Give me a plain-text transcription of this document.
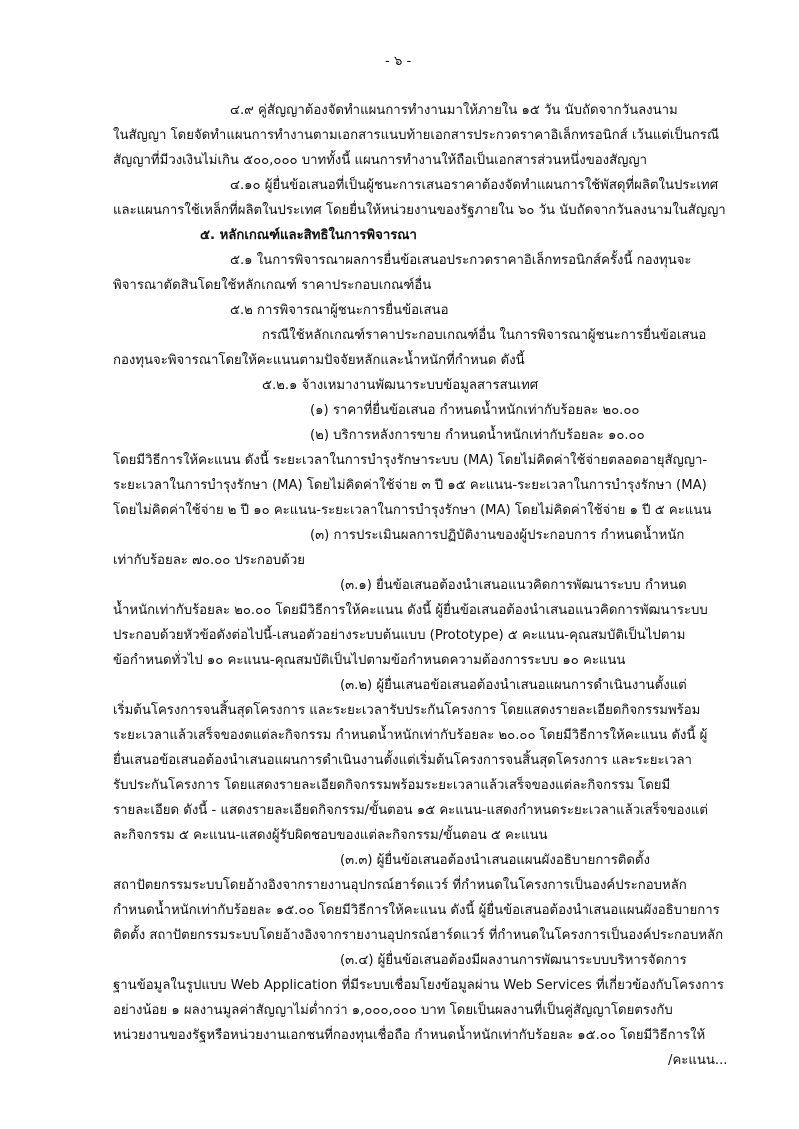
- ๖ -
๔.๙ คู่สัญญาต้องจัดทำแผนการทำงานมาให้ภายใน ๑๕ วัน นับถัดจากวันลงนาม
ในสัญญา โดยจัดทำแผนการทำงานตามเอกสารแนบท้ายเอกสารประกวดราคาอิเล็กทรอนิกส์ เว้นแต่เป็นกรณี
สัญญาที่มีวงเงินไม่เกิน ๕๐๐,๐๐๐ บาททั้งนี้ แผนการทำงานให้ถือเป็นเอกสารส่วนหนึ่งของสัญญา
๔.๑๐ ผู้ยื่นข้อเสนอที่เป็นผู้ชนะการเสนอราคาต้องจัดทำแผนการใช้พัสดุที่ผลิตในประเทศ
และแผนการใช้เหล็กที่ผลิตในประเทศ โดยยื่นให้หน่วยงานของรัฐภายใน ๖๐ วัน นับถัดจากวันลงนามในสัญญา
๕. หลักเกณฑ์และสิทธิในการพิจารณา
๕.๑ ในการพิจารณาผลการยื่นข้อเสนอประกวดราคาอิเล็กทรอนิกส์ครั้งนี้ กองทุนจะ
พิจารณาตัดสินโดยใช้หลักเกณฑ์ ราคาประกอบเกณฑ์อื่น
๕.๒ การพิจารณาผู้ชนะการยื่นข้อเสนอ
กรณีใช้หลักเกณฑ์ราคาประกอบเกณฑ์อื่น ในการพิจารณาผู้ชนะการยื่นข้อเสนอ
กองทุนจะพิจารณาโดยให้คะแนนตามปัจจัยหลักและน้ำหนักที่กำหนด ดังนี้
๕.๒.๑ จ้างเหมางานพัฒนาระบบข้อมูลสารสนเทศ
(๑) ราคาที่ยื่นข้อเสนอ กำหนดน้ำหนักเท่ากับร้อยละ ๒๐.๐๐
(๒) บริการหลังการขาย กำหนดน้ำหนักเท่ากับร้อยละ ๑๐.๐๐
โดยมีวิธีการให้คะแนน ดังนี้ ระยะเวลาในการบำรุงรักษาระบบ (MA) โดยไม่คิดค่าใช้จ่ายตลอดอายุสัญญา-
ระยะเวลาในการบำรุงรักษา (MA) โดยไม่คิดค่าใช้จ่าย ๓ ปี ๑๕ คะแนน-ระยะเวลาในการบำรุงรักษา (MA)
โดยไม่คิดค่าใช้จ่าย ๒ ปี ๑๐ คะแนน-ระยะเวลาในการบำรุงรักษา (MA) โดยไม่คิดค่าใช้จ่าย ๑ ปี ๕ คะแนน
(๓) การประเมินผลการปฏิบัติงานของผู้ประกอบการ กำหนดน้ำหนัก
เท่ากับร้อยละ ๗๐.๐๐ ประกอบด้วย
(๓.๑) ยื่นข้อเสนอต้องนำเสนอแนวคิดการพัฒนาระบบ กำหนด
น้ำหนักเท่ากับร้อยละ ๒๐.๐๐ โดยมีวิธีการให้คะแนน ดังนี้ ผู้ยื่นข้อเสนอต้องนำเสนอแนวคิดการพัฒนาระบบ
ประกอบด้วยหัวข้อดังต่อไปนี้-เสนอตัวอย่างระบบต้นแบบ (Prototype) ๕ คะแนน-คุณสมบัติเป็นไปตาม
ข้อกำหนดทั่วไป ๑๐ คะแนน-คุณสมบัติเป็นไปตามข้อกำหนดความต้องการระบบ ๑๐ คะแนน
(๓.๒) ผู้ยื่นเสนอข้อเสนอต้องนำเสนอแผนการดำเนินงานตั้งแต่
เริ่มต้นโครงการจนสิ้นสุดโครงการ และระยะเวลารับประกันโครงการ โดยแสดงรายละเอียดกิจกรรมพร้อม
ระยะเวลาแล้วเสร็จของตแต่ละกิจกรรม กำหนดน้ำหนักเท่ากับร้อยละ ๒๐.๐๐ โดยมีวิธีการให้คะแนน ดังนี้ ผู้
ยื่นเสนอข้อเสนอต้องนำเสนอแผนการดำเนินงานตั้งแต่เริ่มต้นโครงการจนสิ้นสุดโครงการ และระยะเวลา
รับประกันโครงการ โดยแสดงรายละเอียดกิจกรรมพร้อมระยะเวลาแล้วเสร็จของแต่ละกิจกรรม โดยมี
รายละเอียด ดังนี้ - แสดงรายละเอียดกิจกรรม/ขั้นตอน ๑๕ คะแนน-แสดงกำหนดระยะเวลาแล้วเสร็จของแต่
ละกิจกรรม ๕ คะแนน-แสดงผู้รับผิดชอบของแต่ละกิจกรรม/ขั้นตอน ๕ คะแนน
(๓.๓) ผู้ยื่นข้อเสนอต้องนำเสนอแผนผังอธิบายการติดตั้ง
สถาปัตยกรรมระบบโดยอ้างอิงจากรายงานอุปกรณ์ฮาร์ดแวร์ ที่กำหนดในโครงการเป็นองค์ประกอบหลัก
กำหนดน้ำหนักเท่ากับร้อยละ ๑๕.๐๐ โดยมีวิธีการให้คะแนน ดังนี้ ผู้ยื่นข้อเสนอต้องนำเสนอแผนผังอธิบายการ
ติดตั้ง สถาปัตยกรรมระบบโดยอ้างอิงจากรายงานอุปกรณ์ฮาร์ดแวร์ ที่กำหนดในโครงการเป็นองค์ประกอบหลัก
(๓.๔) ผู้ยื่นข้อเสนอต้องมีผลงานการพัฒนาระบบบริหารจัดการ
ฐานข้อมูลในรูปแบบ Web Application ที่มีระบบเชื่อมโยงข้อมูลผ่าน Web Services ที่เกี่ยวข้องกับโครงการ
อย่างน้อย ๑ ผลงานมูลค่าสัญญาไม่ต่ำกว่า ๑,๐๐๐,๐๐๐ บาท โดยเป็นผลงานที่เป็นคู่สัญญาโดยตรงกับ
หน่วยงานของรัฐหรือหน่วยงานเอกชนที่กองทุนเชื่อถือ กำหนดน้ำหนักเท่ากับร้อยละ ๑๕.๐๐ โดยมีวิธีการให้
/คะแนน...
